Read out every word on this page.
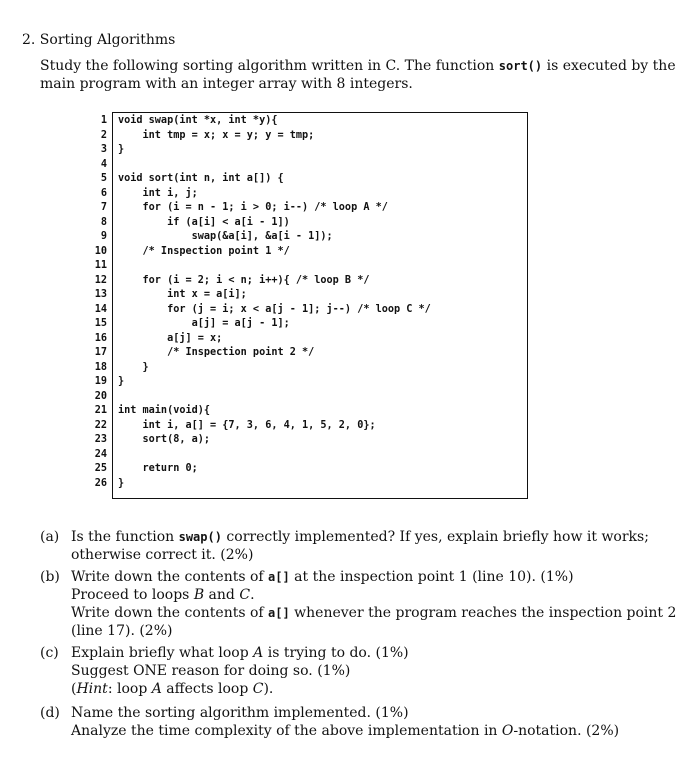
2. Sorting Algorithms
Study the following sorting algorithm written in C. The function sort() is executed by the
main program with an integer array with 8 integers.
1 void swap(int *x, int *y){
2 int tmp = x; x = y; y = tmp;
3 }
4
5 void sort(int n, int a[]) {
6 int i, j;
7 for (i = n - 1; i > 0; i--) /* loop A */
8 if (a[i] < a[i - 1])
9 swap(&a[i], &a[i - 1]);
10 /* Inspection point 1 */
11
12 for (i = 2; i < n; i++){ /* loop B */
13 int x = a[i];
14 for (j = i; x < a[j - 1]; j--) /* loop C */
15 a[j] = a[j - 1];
16 a[j] = x;
17 /* Inspection point 2 */
18 }
19 }
20
21 int main(void){
22 int i, a[] = {7, 3, 6, 4, 1, 5, 2, 0};
23 sort(8, a);
24
25 return 0;
26 }
(a) Is the function swap() correctly implemented? If yes, explain briefly how it works;
otherwise correct it. (2%)
(b) Write down the contents of a[] at the inspection point 1 (line 10). (1%)
Proceed to loops B and C.
Write down the contents of a[] whenever the program reaches the inspection point 2
(line 17). (2%)
(c) Explain briefly what loop A is trying to do. (1%)
Suggest ONE reason for doing so. (1%)
(Hint: loop A affects loop C).
(d) Name the sorting algorithm implemented. (1%)
Analyze the time complexity of the above implementation in O-notation. (2%)
